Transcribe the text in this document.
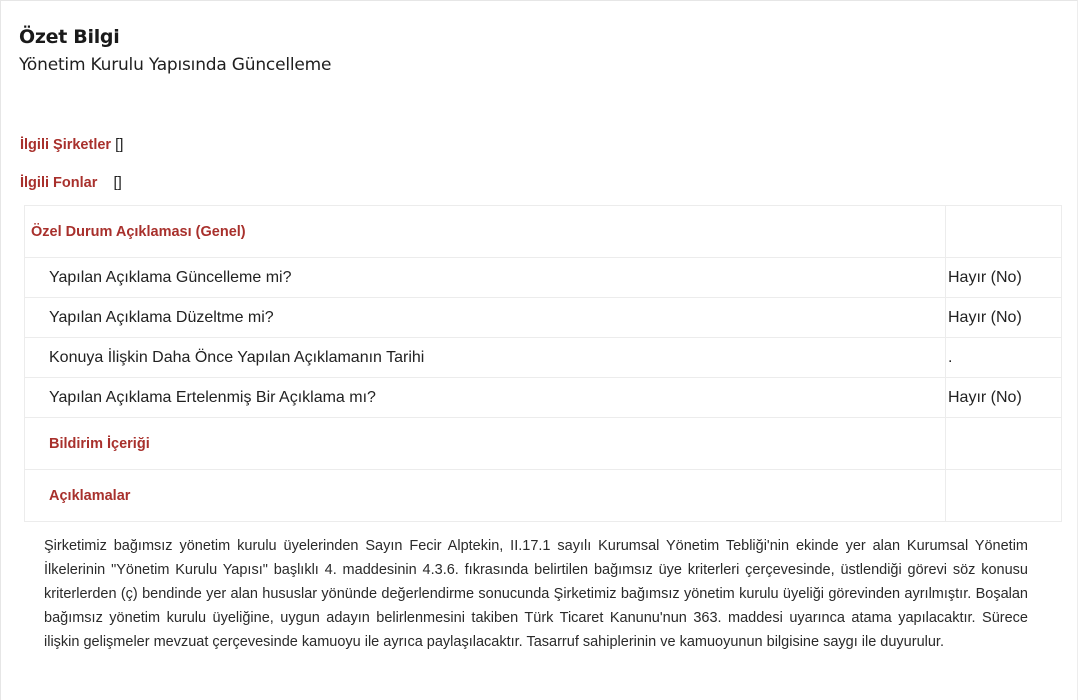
Özet Bilgi
Yönetim Kurulu Yapısında Güncelleme
İlgili Şirketler []
İlgili Fonlar []
Özel Durum Açıklaması (Genel)	
Yapılan Açıklama Güncelleme mi?	Hayır (No)
Yapılan Açıklama Düzeltme mi?	Hayır (No)
Konuya İlişkin Daha Önce Yapılan Açıklamanın Tarihi	.
Yapılan Açıklama Ertelenmiş Bir Açıklama mı?	Hayır (No)
Bildirim İçeriği	
Açıklamalar	
Şirketimiz bağımsız yönetim kurulu üyelerinden Sayın Fecir Alptekin, II.17.1 sayılı Kurumsal Yönetim Tebliği'nin ekinde yer alan Kurumsal Yönetim İlkelerinin "Yönetim Kurulu Yapısı" başlıklı 4. maddesinin 4.3.6. fıkrasında belirtilen bağımsız üye kriterleri çerçevesinde, üstlendiği görevi söz konusu kriterlerden (ç) bendinde yer alan hususlar yönünde değerlendirme sonucunda Şirketimiz bağımsız yönetim kurulu üyeliği görevinden ayrılmıştır. Boşalan bağımsız yönetim kurulu üyeliğine, uygun adayın belirlenmesini takiben Türk Ticaret Kanunu'nun 363. maddesi uyarınca atama yapılacaktır. Sürece ilişkin gelişmeler mevzuat çerçevesinde kamuoyu ile ayrıca paylaşılacaktır. Tasarruf sahiplerinin ve kamuoyunun bilgisine saygı ile duyurulur.
